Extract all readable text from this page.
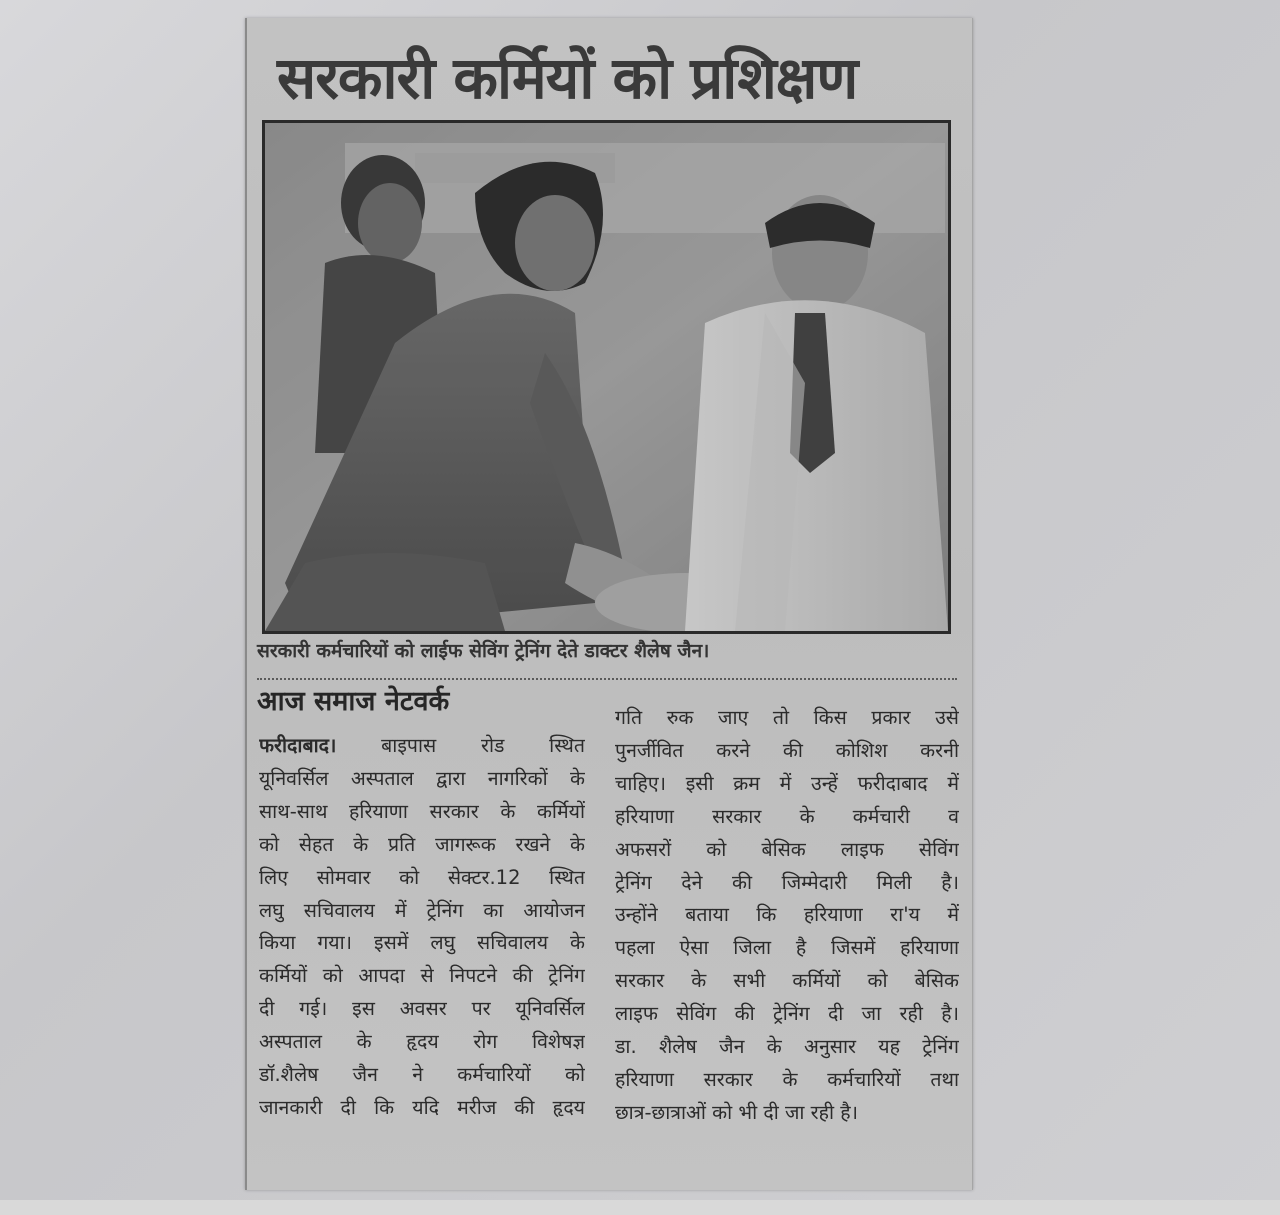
सरकारी कर्मियों को प्रशिक्षण
सरकारी कर्मचारियों को लाईफ सेविंग ट्रेनिंग देते डाक्टर शैलेष जैन।
आज समाज नेटवर्क

फरीदाबाद। बाइपास रोड स्थित

यूनिवर्सिल अस्पताल द्वारा नागरिकों के

साथ-साथ हरियाणा सरकार के कर्मियों

को सेहत के प्रति जागरूक रखने के

लिए सोमवार को सेक्टर.12 स्थित

लघु सचिवालय में ट्रेनिंग का आयोजन

किया गया। इसमें लघु सचिवालय के

कर्मियों को आपदा से निपटने की ट्रेनिंग

दी गई। इस अवसर पर यूनिवर्सिल

अस्पताल के हृदय रोग विशेषज्ञ

डॉ.शैलेष जैन ने कर्मचारियों को

जानकारी दी कि यदि मरीज की हृदय

गति रुक जाए तो किस प्रकार उसे

पुनर्जीवित करने की कोशिश करनी

चाहिए। इसी क्रम में उन्हें फरीदाबाद में

हरियाणा सरकार के कर्मचारी व

अफसरों को बेसिक लाइफ सेविंग

ट्रेनिंग देने की जिम्मेदारी मिली है।

उन्होंने बताया कि हरियाणा रा'य में

पहला ऐसा जिला है जिसमें हरियाणा

सरकार के सभी कर्मियों को बेसिक

लाइफ सेविंग की ट्रेनिंग दी जा रही है।

डा. शैलेष जैन के अनुसार यह ट्रेनिंग

हरियाणा सरकार के कर्मचारियों तथा

छात्र-छात्राओं को भी दी जा रही है।
